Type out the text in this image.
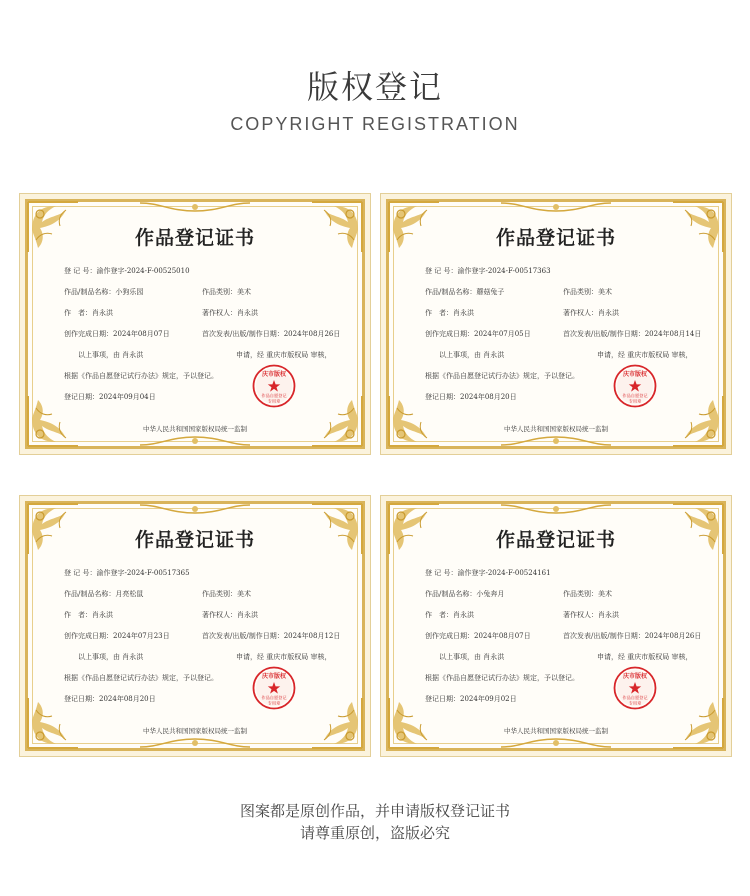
版权登记
COPYRIGHT REGISTRATION
作品登记证书
登 记 号：渝作登字-2024-F-00525010
作品/制品名称：小狗乐园	作品类别：美术
作　者：肖永洪	著作权人：肖永洪
创作完成日期：2024年08月07日	首次发表/出版/制作日期：2024年08月26日
以上事项，由 肖永洪	申请，经 重庆市版权局 审核，
根据《作品自愿登记试行办法》规定，予以登记。
登记日期：2024年09月04日
庆市版权
作品自愿登记
专用章
中华人民共和国国家版权局统一监制
作品登记证书
登 记 号：渝作登字-2024-F-00517363
作品/制品名称：蘑菇兔子	作品类别：美术
作　者：肖永洪	著作权人：肖永洪
创作完成日期：2024年07月05日	首次发表/出版/制作日期：2024年08月14日
以上事项，由 肖永洪	申请，经 重庆市版权局 审核，
根据《作品自愿登记试行办法》规定，予以登记。
登记日期：2024年08月20日
庆市版权
作品自愿登记
专用章
中华人民共和国国家版权局统一监制
作品登记证书
登 记 号：渝作登字-2024-F-00517365
作品/制品名称：月亮松鼠	作品类别：美术
作　者：肖永洪	著作权人：肖永洪
创作完成日期：2024年07月23日	首次发表/出版/制作日期：2024年08月12日
以上事项，由 肖永洪	申请，经 重庆市版权局 审核，
根据《作品自愿登记试行办法》规定，予以登记。
登记日期：2024年08月20日
庆市版权
作品自愿登记
专用章
中华人民共和国国家版权局统一监制
作品登记证书
登 记 号：渝作登字-2024-F-00524161
作品/制品名称：小兔奔月	作品类别：美术
作　者：肖永洪	著作权人：肖永洪
创作完成日期：2024年08月07日	首次发表/出版/制作日期：2024年08月26日
以上事项，由 肖永洪	申请，经 重庆市版权局 审核，
根据《作品自愿登记试行办法》规定，予以登记。
登记日期：2024年09月02日
庆市版权
作品自愿登记
专用章
中华人民共和国国家版权局统一监制
图案都是原创作品，并申请版权登记证书
请尊重原创，盗版必究
